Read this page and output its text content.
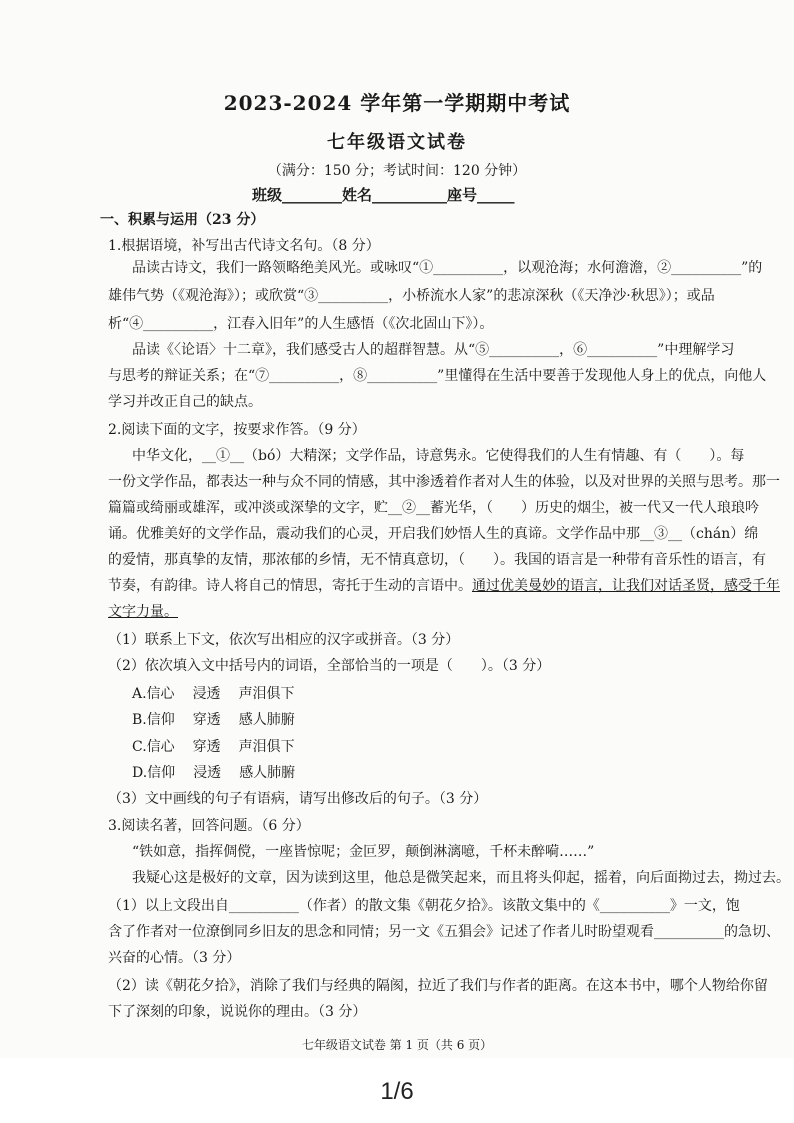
2023-2024 学年第一学期期中考试
七年级语文试卷
（满分：150 分；考试时间：120 分钟）
班级________姓名__________座号_____
一、积累与运用（23 分）
1.根据语境，补写出古代诗文名句。（8 分）
品读古诗文，我们一路领略绝美风光。或咏叹“①__________，以观沧海；水何澹澹，②__________”的
雄伟气势（《观沧海》）；或欣赏“③__________，小桥流水人家”的悲凉深秋（《天净沙·秋思》）；或品
析“④__________，江春入旧年”的人生感悟（《次北固山下》）。
品读《〈论语〉十二章》，我们感受古人的超群智慧。从“⑤__________，⑥__________”中理解学习
与思考的辩证关系；在“⑦__________，⑧__________”里懂得在生活中要善于发现他人身上的优点，向他人
学习并改正自己的缺点。
2.阅读下面的文字，按要求作答。（9 分）
中华文化，__①__（bó）大精深；文学作品，诗意隽永。它使得我们的人生有情趣、有（　　）。每
一份文学作品，都表达一种与众不同的情感，其中渗透着作者对人生的体验，以及对世界的关照与思考。那一
篇篇或绮丽或雄浑，或冲淡或深挚的文字，贮__②__蓄光华，（　　）历史的烟尘，被一代又一代人琅琅吟
诵。优雅美好的文学作品，震动我们的心灵，开启我们妙悟人生的真谛。文学作品中那__③__（chán）绵
的爱情，那真挚的友情，那浓郁的乡情，无不情真意切，（　　）。我国的语言是一种带有音乐性的语言，有
节奏，有韵律。诗人将自己的情思，寄托于生动的言语中。通过优美曼妙的语言，让我们对话圣贤，感受千年
文字力量。
（1）联系上下文，依次写出相应的汉字或拼音。（3 分）
（2）依次填入文中括号内的词语，全部恰当的一项是（　　）。（3 分）
A.信心 浸透 声泪俱下
B.信仰 穿透 感人肺腑
C.信心 穿透 声泪俱下
D.信仰 浸透 感人肺腑
（3）文中画线的句子有语病，请写出修改后的句子。（3 分）
3.阅读名著，回答问题。（6 分）
“铁如意，指挥倜傥，一座皆惊呢；金叵罗，颠倒淋漓噫，千杯未醉嗬……”
我疑心这是极好的文章，因为读到这里，他总是微笑起来，而且将头仰起，摇着，向后面拗过去，拗过去。
（1）以上文段出自__________（作者）的散文集《朝花夕拾》。该散文集中的《__________》一文，饱
含了作者对一位潦倒同乡旧友的思念和同情；另一文《五猖会》记述了作者儿时盼望观看__________的急切、
兴奋的心情。（3 分）
（2）读《朝花夕拾》，消除了我们与经典的隔阂，拉近了我们与作者的距离。在这本书中，哪个人物给你留
下了深刻的印象，说说你的理由。（3 分）
七年级语文试卷 第 1 页（共 6 页）
1/6
